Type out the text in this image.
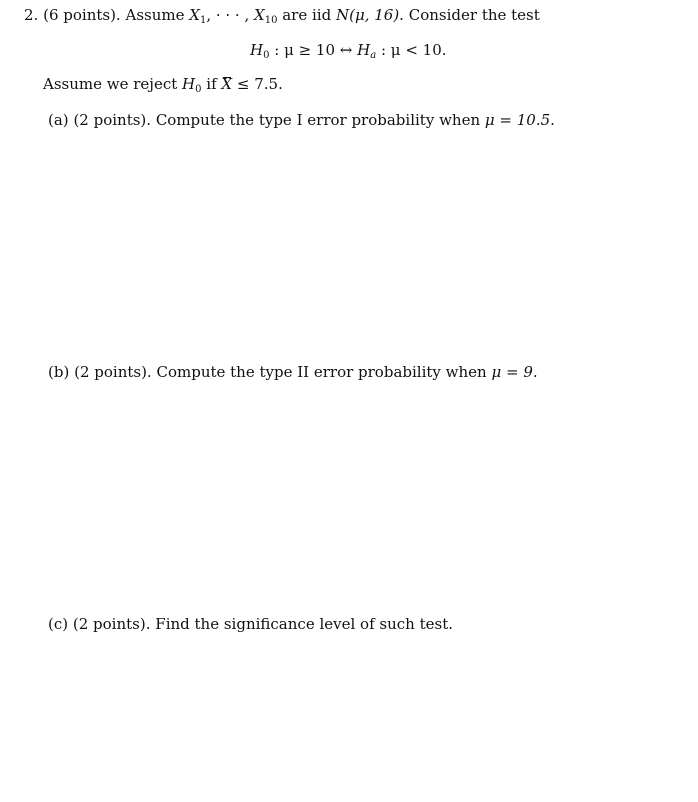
2. (6 points). Assume $X_1$, · · · , $X_{10}$ are iid N(μ, 16). Consider the test
$H_0$ : μ ≥ 10 ↔ $H_a$ : μ < 10.
Assume we reject $H_0$ if X ≤ 7.5.
(a) (2 points). Compute the type I error probability when μ = 10.5.
(b) (2 points). Compute the type II error probability when μ = 9.
(c) (2 points). Find the significance level of such test.
